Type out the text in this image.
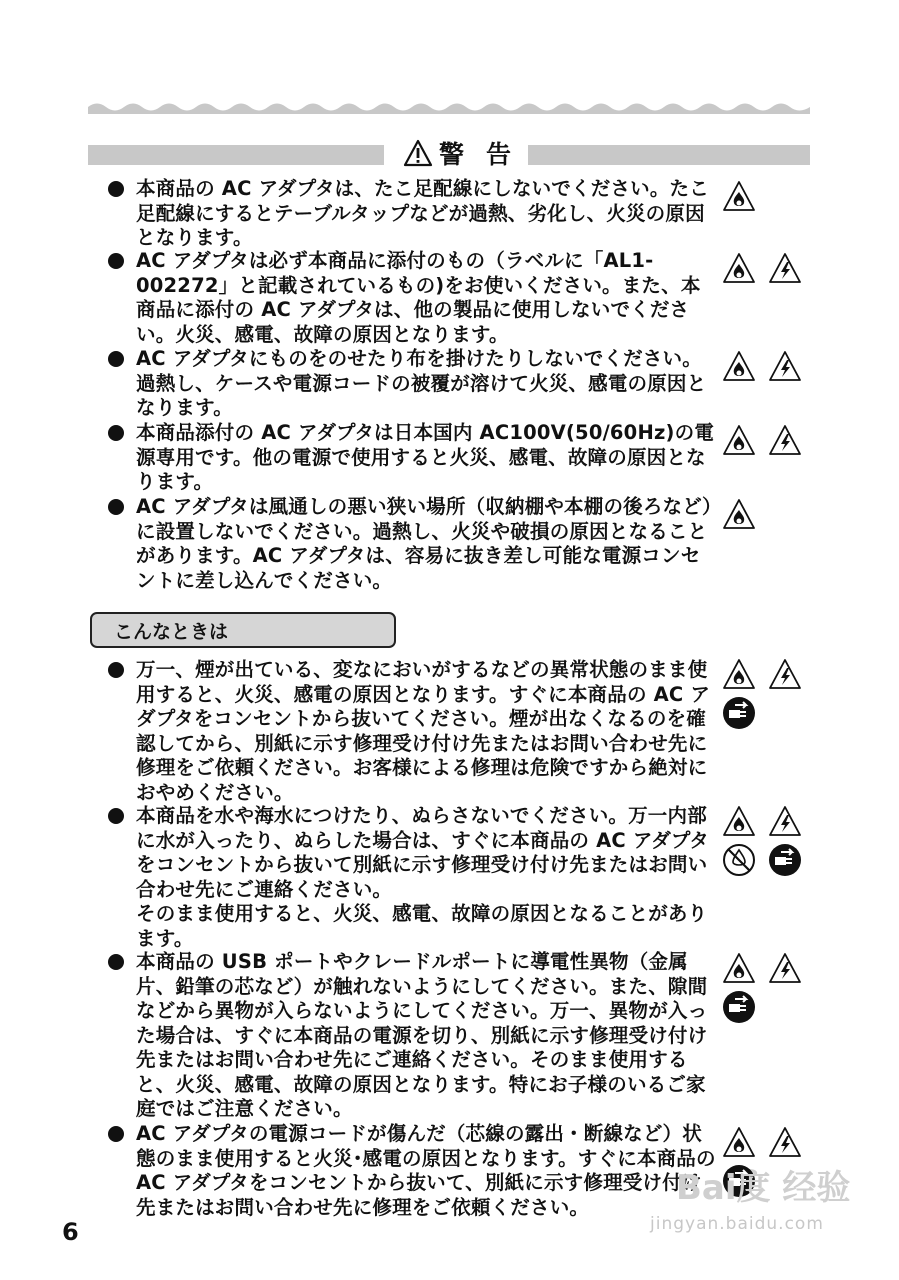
警告
本商品の AC アダプタは、たこ足配線にしないでください。たこ足配線にするとテーブルタップなどが過熱、劣化し、火災の原因となります。
AC アダプタは必ず本商品に添付のもの（ラベルに「AL1-002272」と記載されているもの)をお使いください。また、本商品に添付の AC アダプタは、他の製品に使用しないでください。火災、感電、故障の原因となります。
AC アダプタにものをのせたり布を掛けたりしないでください。過熱し、ケースや電源コードの被覆が溶けて火災、感電の原因となります。
本商品添付の AC アダプタは日本国内 AC100V(50/60Hz)の電源専用です。他の電源で使用すると火災、感電、故障の原因となります。
AC アダプタは風通しの悪い狭い場所（収納棚や本棚の後ろなど）に設置しないでください。過熱し、火災や破損の原因となることがあります。AC アダプタは、容易に抜き差し可能な電源コンセントに差し込んでください。
こんなときは
万一、煙が出ている、変なにおいがするなどの異常状態のまま使用すると、火災、感電の原因となります。すぐに本商品の AC アダプタをコンセントから抜いてください。煙が出なくなるのを確認してから、別紙に示す修理受け付け先またはお問い合わせ先に修理をご依頼ください。お客様による修理は危険ですから絶対におやめください。
本商品を水や海水につけたり、ぬらさないでください。万一内部に水が入ったり、ぬらした場合は、すぐに本商品の AC アダプタをコンセントから抜いて別紙に示す修理受け付け先またはお問い合わせ先にご連絡ください。
そのまま使用すると、火災、感電、故障の原因となることがあります。
本商品の USB ポートやクレードルポートに導電性異物（金属片、鉛筆の芯など）が触れないようにしてください。また、隙間などから異物が入らないようにしてください。万一、異物が入った場合は、すぐに本商品の電源を切り、別紙に示す修理受け付け先またはお問い合わせ先にご連絡ください。そのまま使用すると、火災、感電、故障の原因となります。特にお子様のいるご家庭ではご注意ください。
AC アダプタの電源コードが傷んだ（芯線の露出・断線など）状態のまま使用すると火災･感電の原因となります。すぐに本商品の AC アダプタをコンセントから抜いて、別紙に示す修理受け付け先またはお問い合わせ先に修理をご依頼ください。	Bai度 经验
jingyan.baidu.com
6
